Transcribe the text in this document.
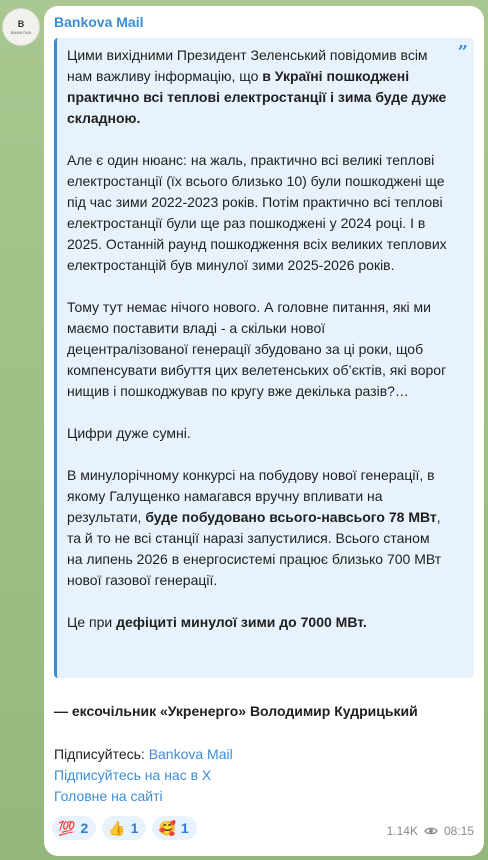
B
BANKOVA
Bankova Mail
”

Цими вихідними Президент Зеленський повідомив всім нам важливу інформацію, що в Україні пошкоджені практично всі теплові електростанції і зима буде дуже складною.

Але є один нюанс: на жаль, практично всі великі теплові електростанції (їх всього близько 10) були пошкоджені ще під час зими 2022-2023 років. Потім практично всі теплові електростанції були ще раз пошкоджені у 2024 році. І в 2025. Останній раунд пошкодження всіх великих теплових електростанцій був минулої зими 2025-2026 років.

Тому тут немає нічого нового. А головне питання, які ми маємо поставити владі - а скільки нової децентралізованої генерації збудовано за ці роки, щоб компенсувати вибуття цих велетенських об’єктів, які ворог нищив і пошкоджував по кругу вже декілька разів?…

Цифри дуже сумні.

В минулорічному конкурсі на побудову нової генерації, в якому Галущенко намагався вручну впливати на результати, буде побудовано всього-навсього 78 МВт, та й то не всі станції наразі запустилися. Всього станом на липень 2026 в енергосистемі працює близько 700 МВт нової газової генерації.

Це при дефіциті минулої зими до 7000 МВт.

— ексочільник «Укренерго» Володимир Кудрицький
Підписуйтесь: Bankova Mail
Підписуйтесь на нас в X
Головне на сайті
💯 2 👍 1 🥰 1	1.14K 08:15
